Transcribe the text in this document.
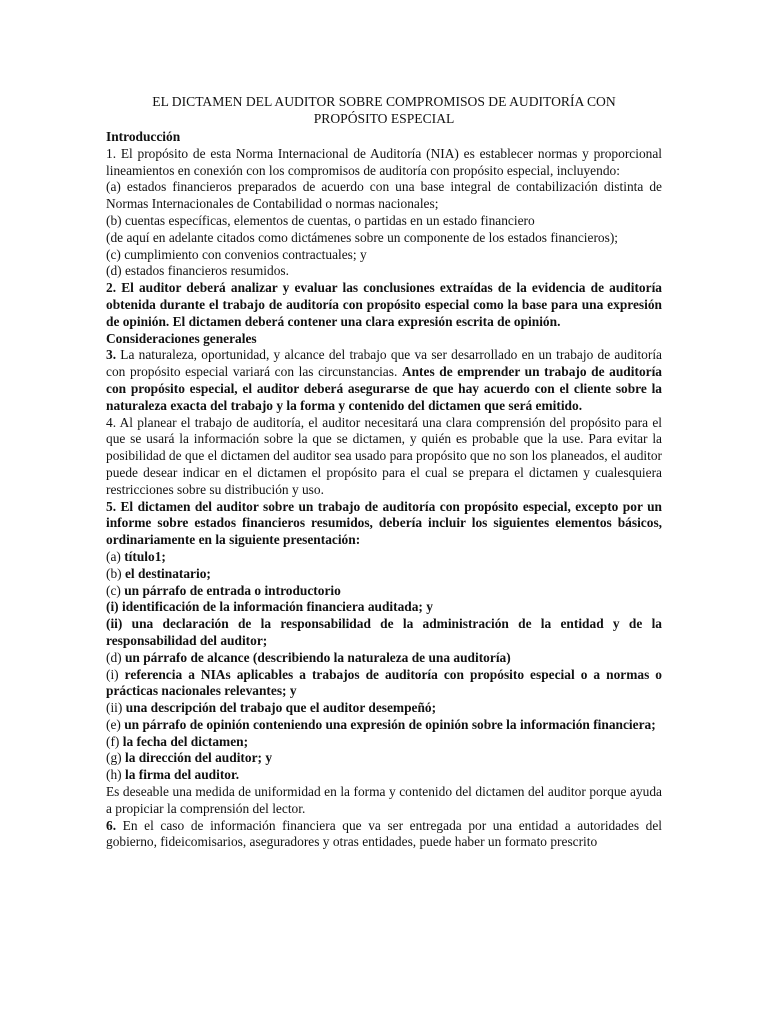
EL DICTAMEN DEL AUDITOR SOBRE COMPROMISOS DE AUDITORÍA CON
PROPÓSITO ESPECIAL

Introducción

1. El propósito de esta Norma Internacional de Auditoría (NIA) es establecer normas y proporcional lineamientos en conexión con los compromisos de auditoría con propósito especial, incluyendo:

(a) estados financieros preparados de acuerdo con una base integral de contabilización distinta de Normas Internacionales de Contabilidad o normas nacionales;

(b) cuentas específicas, elementos de cuentas, o partidas en un estado financiero

(de aquí en adelante citados como dictámenes sobre un componente de los estados financieros);

(c) cumplimiento con convenios contractuales; y

(d) estados financieros resumidos.

2. El auditor deberá analizar y evaluar las conclusiones extraídas de la evidencia de auditoría obtenida durante el trabajo de auditoría con propósito especial como la base para una expresión de opinión. El dictamen deberá contener una clara expresión escrita de opinión.

Consideraciones generales

3. La naturaleza, oportunidad, y alcance del trabajo que va ser desarrollado en un trabajo de auditoría con propósito especial variará con las circunstancias. Antes de emprender un trabajo de auditoría con propósito especial, el auditor deberá asegurarse de que hay acuerdo con el cliente sobre la naturaleza exacta del trabajo y la forma y contenido del dictamen que será emitido.

4. Al planear el trabajo de auditoría, el auditor necesitará una clara comprensión del propósito para el que se usará la información sobre la que se dictamen, y quién es probable que la use. Para evitar la posibilidad de que el dictamen del auditor sea usado para propósito que no son los planeados, el auditor puede desear indicar en el dictamen el propósito para el cual se prepara el dictamen y cualesquiera restricciones sobre su distribución y uso.

5. El dictamen del auditor sobre un trabajo de auditoría con propósito especial, excepto por un informe sobre estados financieros resumidos, debería incluir los siguientes elementos básicos, ordinariamente en la siguiente presentación:

(a) título1;

(b) el destinatario;

(c) un párrafo de entrada o introductorio

(i) identificación de la información financiera auditada; y

(ii) una declaración de la responsabilidad de la administración de la entidad y de la responsabilidad del auditor;

(d) un párrafo de alcance (describiendo la naturaleza de una auditoría)

(i) referencia a NIAs aplicables a trabajos de auditoría con propósito especial o a normas o prácticas nacionales relevantes; y

(ii) una descripción del trabajo que el auditor desempeñó;

(e) un párrafo de opinión conteniendo una expresión de opinión sobre la información financiera;

(f) la fecha del dictamen;

(g) la dirección del auditor; y

(h) la firma del auditor.

Es deseable una medida de uniformidad en la forma y contenido del dictamen del auditor porque ayuda a propiciar la comprensión del lector.

6. En el caso de información financiera que va ser entregada por una entidad a autoridades del gobierno, fideicomisarios, aseguradores y otras entidades, puede haber un formato prescrito
